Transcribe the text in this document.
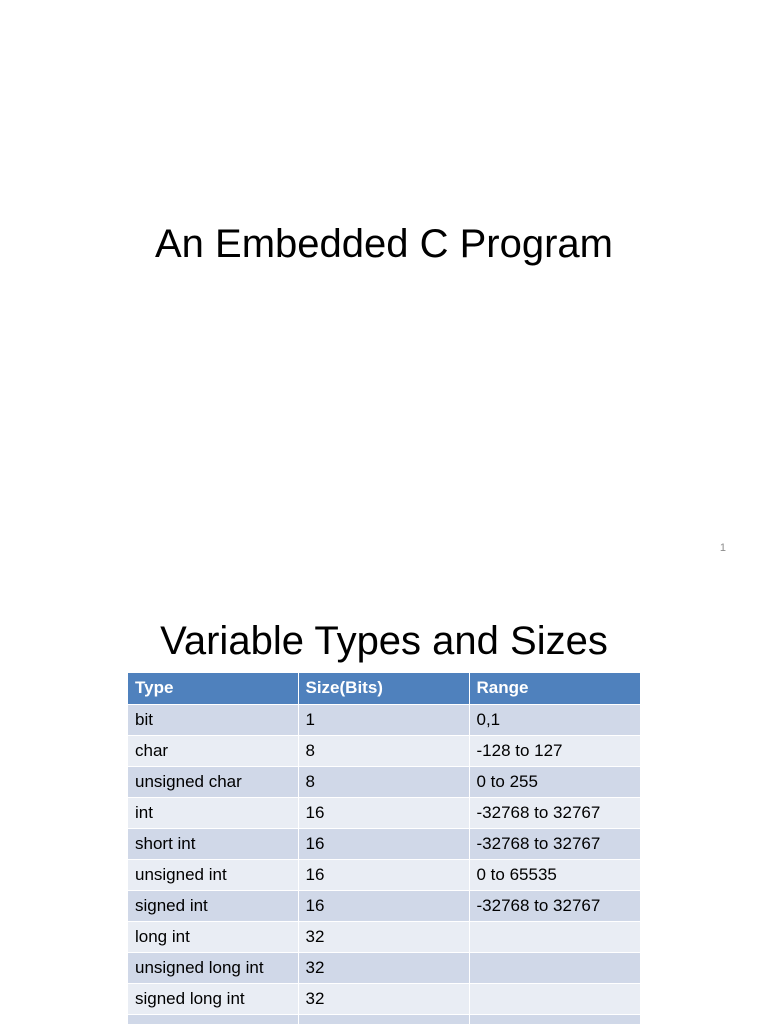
An Embedded C Program
1
Variable Types and Sizes
Type	Size(Bits)	Range
bit	1	0,1
char	8	-128 to 127
unsigned char	8	0 to 255
int	16	-32768 to 32767
short int	16	-32768 to 32767
unsigned int	16	0 to 65535
signed int	16	-32768 to 32767
long int	32	
unsigned long int	32	
signed long int	32	
